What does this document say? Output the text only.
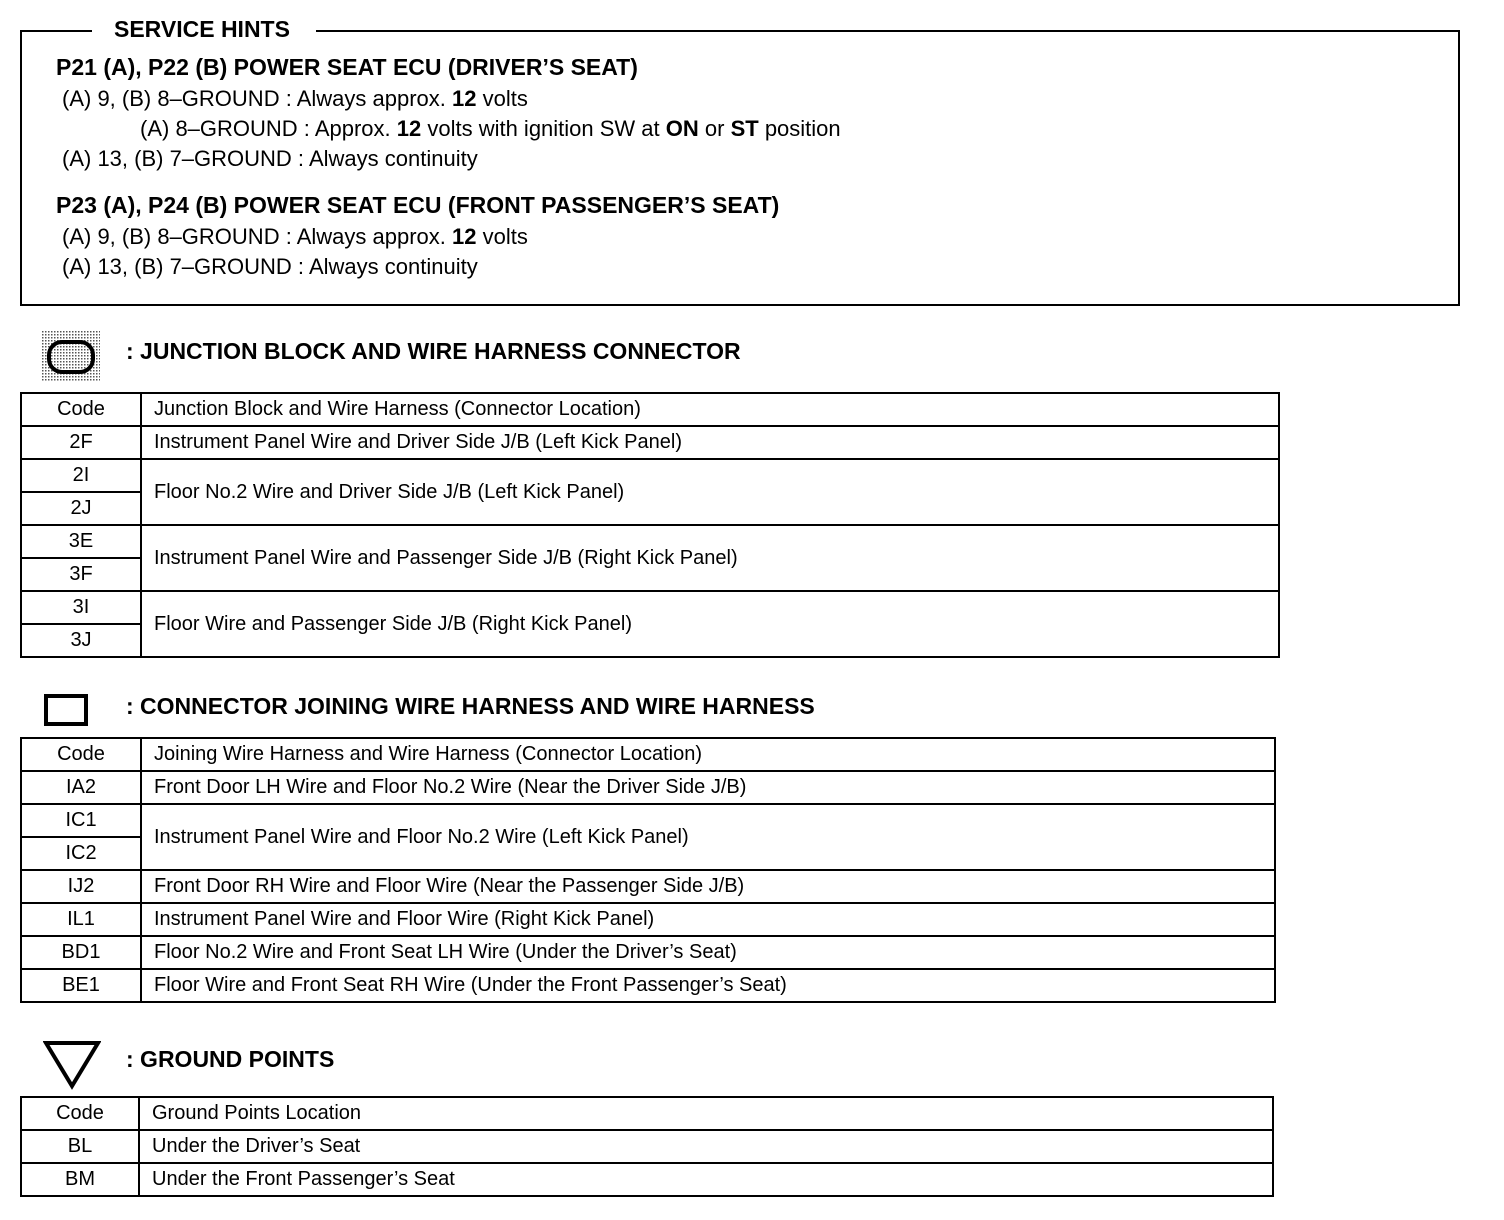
SERVICE HINTS
P21 (A), P22 (B) POWER SEAT ECU (DRIVER’S SEAT)
(A) 9, (B) 8–GROUND : Always approx. 12 volts
(A) 8–GROUND : Approx. 12 volts with ignition SW at ON or ST position
(A) 13, (B) 7–GROUND : Always continuity
P23 (A), P24 (B) POWER SEAT ECU (FRONT PASSENGER’S SEAT)
(A) 9, (B) 8–GROUND : Always approx. 12 volts
(A) 13, (B) 7–GROUND : Always continuity
: JUNCTION BLOCK AND WIRE HARNESS CONNECTOR
Code	Junction Block and Wire Harness (Connector Location)
2F	Instrument Panel Wire and Driver Side J/B (Left Kick Panel)
2I	Floor No.2 Wire and Driver Side J/B (Left Kick Panel)
2J	
3E	Instrument Panel Wire and Passenger Side J/B (Right Kick Panel)
3F	
3I	Floor Wire and Passenger Side J/B (Right Kick Panel)
3J	
: CONNECTOR JOINING WIRE HARNESS AND WIRE HARNESS
Code	Joining Wire Harness and Wire Harness (Connector Location)
IA2	Front Door LH Wire and Floor No.2 Wire (Near the Driver Side J/B)
IC1	Instrument Panel Wire and Floor No.2 Wire (Left Kick Panel)
IC2	
IJ2	Front Door RH Wire and Floor Wire (Near the Passenger Side J/B)
IL1	Instrument Panel Wire and Floor Wire (Right Kick Panel)
BD1	Floor No.2 Wire and Front Seat LH Wire (Under the Driver’s Seat)
BE1	Floor Wire and Front Seat RH Wire (Under the Front Passenger’s Seat)
: GROUND POINTS
Code	Ground Points Location
BL	Under the Driver’s Seat
BM	Under the Front Passenger’s Seat
